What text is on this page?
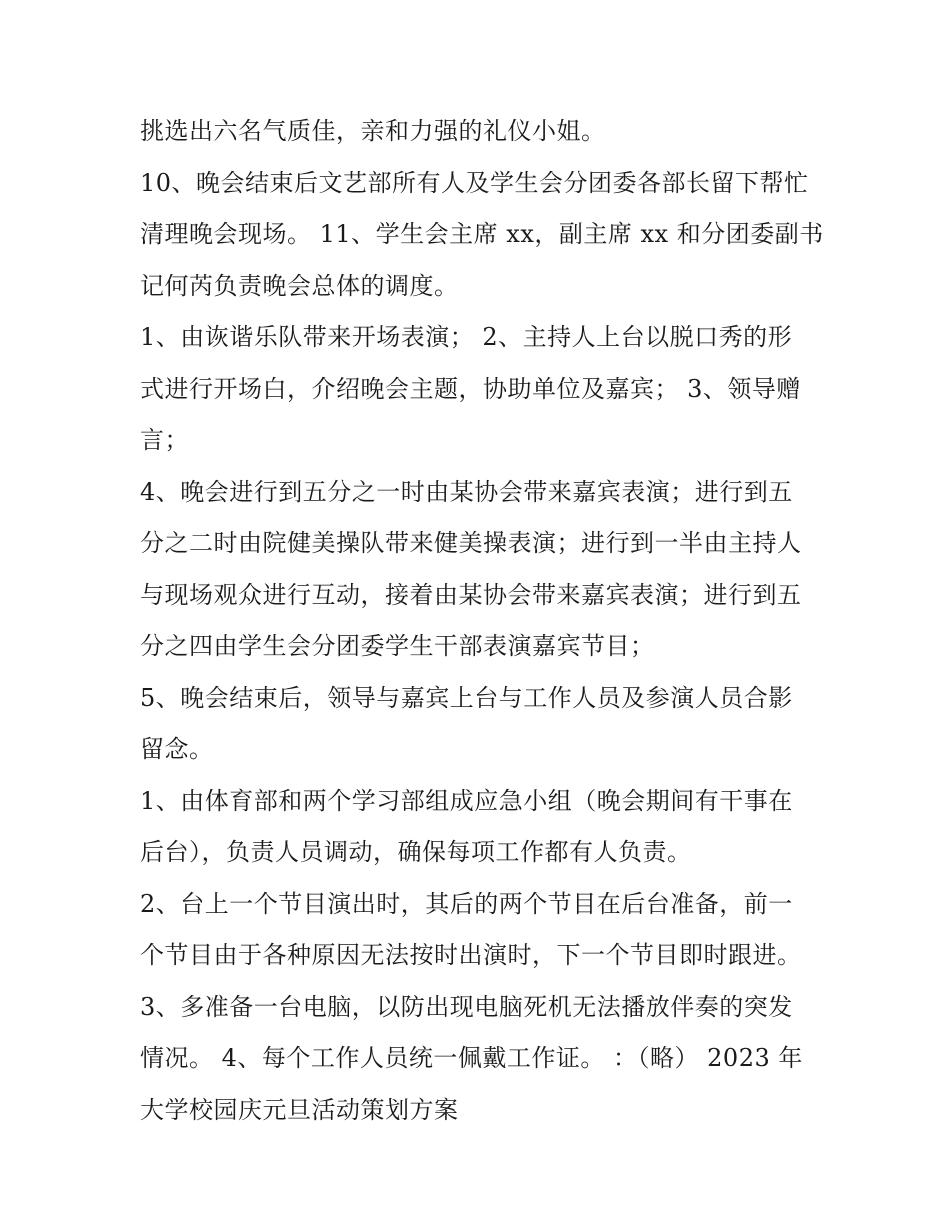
挑选出六名气质佳，亲和力强的礼仪小姐。
10、晚会结束后文艺部所有人及学生会分团委各部长留下帮忙
清理晚会现场。 11、学生会主席 xx，副主席 xx 和分团委副书
记何芮负责晚会总体的调度。
1、由诙谐乐队带来开场表演； 2、主持人上台以脱口秀的形
式进行开场白，介绍晚会主题，协助单位及嘉宾； 3、领导赠
言；
4、晚会进行到五分之一时由某协会带来嘉宾表演；进行到五
分之二时由院健美操队带来健美操表演；进行到一半由主持人
与现场观众进行互动，接着由某协会带来嘉宾表演；进行到五
分之四由学生会分团委学生干部表演嘉宾节目；
5、晚会结束后，领导与嘉宾上台与工作人员及参演人员合影
留念。
1、由体育部和两个学习部组成应急小组（晚会期间有干事在
后台），负责人员调动，确保每项工作都有人负责。
2、台上一个节目演出时，其后的两个节目在后台准备，前一
个节目由于各种原因无法按时出演时，下一个节目即时跟进。
3、多准备一台电脑，以防出现电脑死机无法播放伴奏的突发
情况。 4、每个工作人员统一佩戴工作证。 ：（略） 2023 年
大学校园庆元旦活动策划方案
